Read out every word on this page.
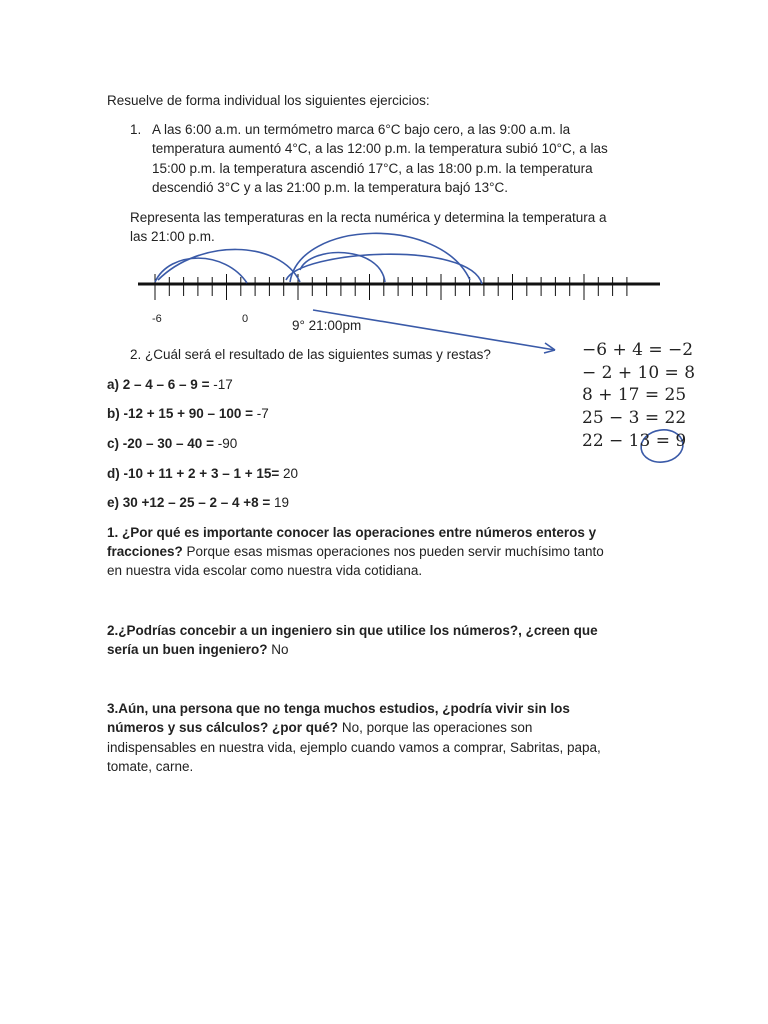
Resuelve de forma individual los siguientes ejercicios:
1. A las 6:00 a.m. un termómetro marca 6°C bajo cero, a las 9:00 a.m. la
temperatura aumentó 4°C, a las 12:00 p.m. la temperatura subió 10°C, a las
15:00 p.m. la temperatura ascendió 17°C, a las 18:00 p.m. la temperatura
descendió 3°C y a las 21:00 p.m. la temperatura bajó 13°C.
Representa las temperaturas en la recta numérica y determina la temperatura a
las 21:00 p.m.
-6	0	9° 21:00pm
−6 + 4 = −2
− 2 + 10 = 8
8 + 17 = 25
25 − 3 = 22
22 − 13 = 9
2. ¿Cuál será el resultado de las siguientes sumas y restas?
a) 2 – 4 – 6 – 9 = -17
b) -12 + 15 + 90 – 100 = -7
c) -20 – 30 – 40 = -90
d) -10 + 11 + 2 + 3 – 1 + 15= 20
e) 30 +12 – 25 – 2 – 4 +8 = 19
1. ¿Por qué es importante conocer las operaciones entre números enteros y
fracciones? Porque esas mismas operaciones nos pueden servir muchísimo tanto
en nuestra vida escolar como nuestra vida cotidiana.
2.¿Podrías concebir a un ingeniero sin que utilice los números?, ¿creen que
sería un buen ingeniero? No
3.Aún, una persona que no tenga muchos estudios, ¿podría vivir sin los
números y sus cálculos? ¿por qué? No, porque las operaciones son
indispensables en nuestra vida, ejemplo cuando vamos a comprar, Sabritas, papa,
tomate, carne.
